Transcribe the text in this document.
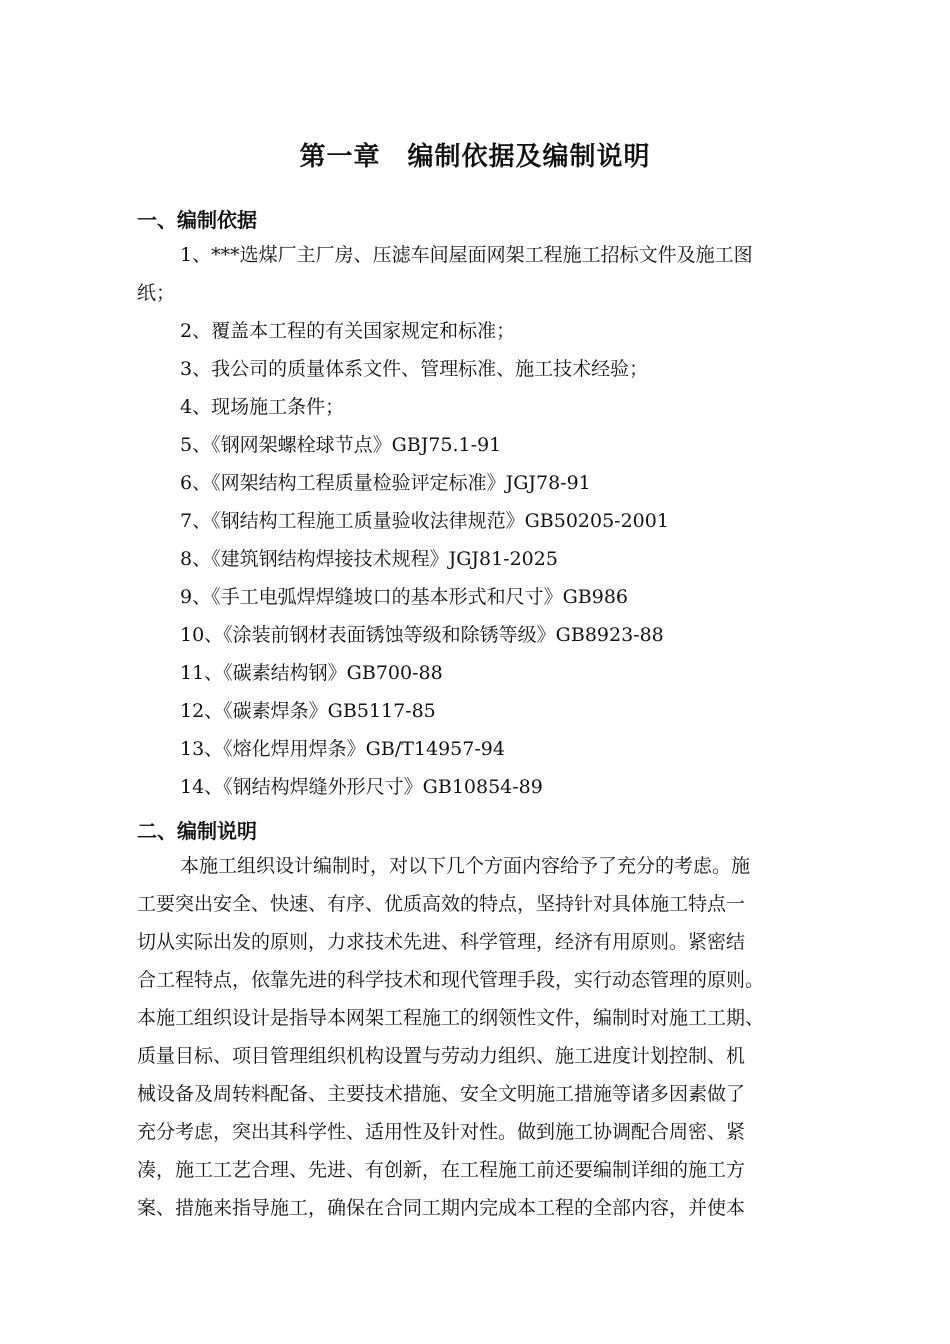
第一章　编制依据及编制说明
一、编制依据
1、***选煤厂主厂房、压滤车间屋面网架工程施工招标文件及施工图
纸；
2、覆盖本工程的有关国家规定和标准；
3、我公司的质量体系文件、管理标准、施工技术经验；
4、现场施工条件；
5、《钢网架螺栓球节点》GBJ75.1-91
6、《网架结构工程质量检验评定标准》JGJ78-91
7、《钢结构工程施工质量验收法律规范》GB50205-2001
8、《建筑钢结构焊接技术规程》JGJ81-2025
9、《手工电弧焊焊缝坡口的基本形式和尺寸》GB986
10、《涂装前钢材表面锈蚀等级和除锈等级》GB8923-88
11、《碳素结构钢》GB700-88
12、《碳素焊条》GB5117-85
13、《熔化焊用焊条》GB/T14957-94
14、《钢结构焊缝外形尺寸》GB10854-89
二、编制说明
本施工组织设计编制时，对以下几个方面内容给予了充分的考虑。施
工要突出安全、快速、有序、优质高效的特点，坚持针对具体施工特点一
切从实际出发的原则，力求技术先进、科学管理，经济有用原则。紧密结
合工程特点，依靠先进的科学技术和现代管理手段，实行动态管理的原则。
本施工组织设计是指导本网架工程施工的纲领性文件，编制时对施工工期、
质量目标、项目管理组织机构设置与劳动力组织、施工进度计划控制、机
械设备及周转料配备、主要技术措施、安全文明施工措施等诸多因素做了
充分考虑，突出其科学性、适用性及针对性。做到施工协调配合周密、紧
凑，施工工艺合理、先进、有创新，在工程施工前还要编制详细的施工方
案、措施来指导施工，确保在合同工期内完成本工程的全部内容，并使本
